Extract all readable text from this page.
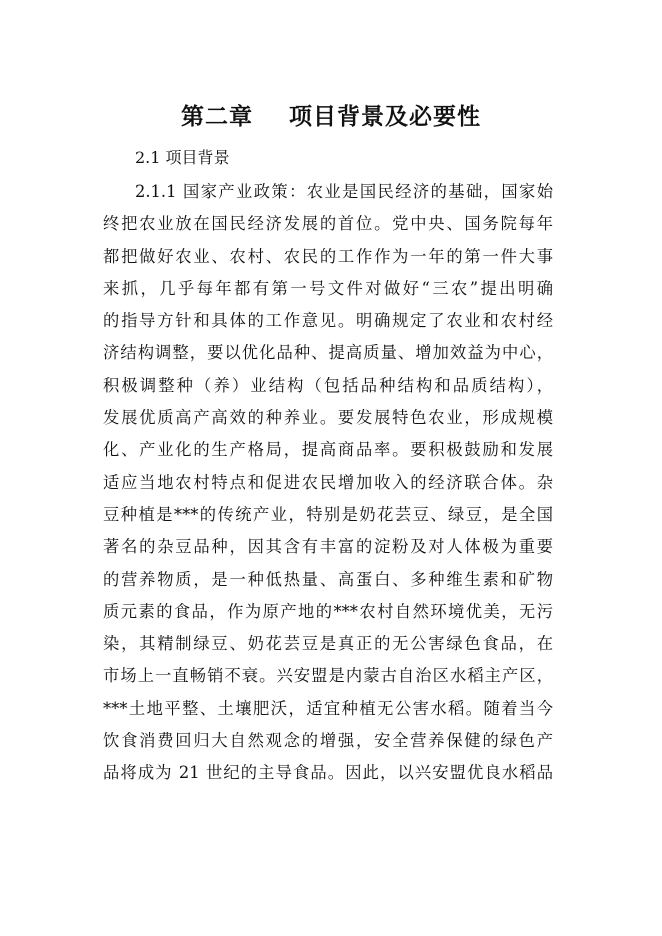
第二章    项目背景及必要性
2.1 项目背景
2.1.1 国家产业政策：农业是国民经济的基础，国家始
终把农业放在国民经济发展的首位。党中央、国务院每年
都把做好农业、农村、农民的工作作为一年的第一件大事
来抓，几乎每年都有第一号文件对做好“三农”提出明确
的指导方针和具体的工作意见。明确规定了农业和农村经
济结构调整，要以优化品种、提高质量、增加效益为中心，
积极调整种（养）业结构（包括品种结构和品质结构），
发展优质高产高效的种养业。要发展特色农业，形成规模
化、产业化的生产格局，提高商品率。要积极鼓励和发展
适应当地农村特点和促进农民增加收入的经济联合体。杂
豆种植是***的传统产业，特别是奶花芸豆、绿豆，是全国
著名的杂豆品种，因其含有丰富的淀粉及对人体极为重要
的营养物质，是一种低热量、高蛋白、多种维生素和矿物
质元素的食品，作为原产地的***农村自然环境优美，无污
染，其精制绿豆、奶花芸豆是真正的无公害绿色食品，在
市场上一直畅销不衰。兴安盟是内蒙古自治区水稻主产区，
***土地平整、土壤肥沃，适宜种植无公害水稻。随着当今
饮食消费回归大自然观念的增强，安全营养保健的绿色产
品将成为 21 世纪的主导食品。因此，以兴安盟优良水稻品
